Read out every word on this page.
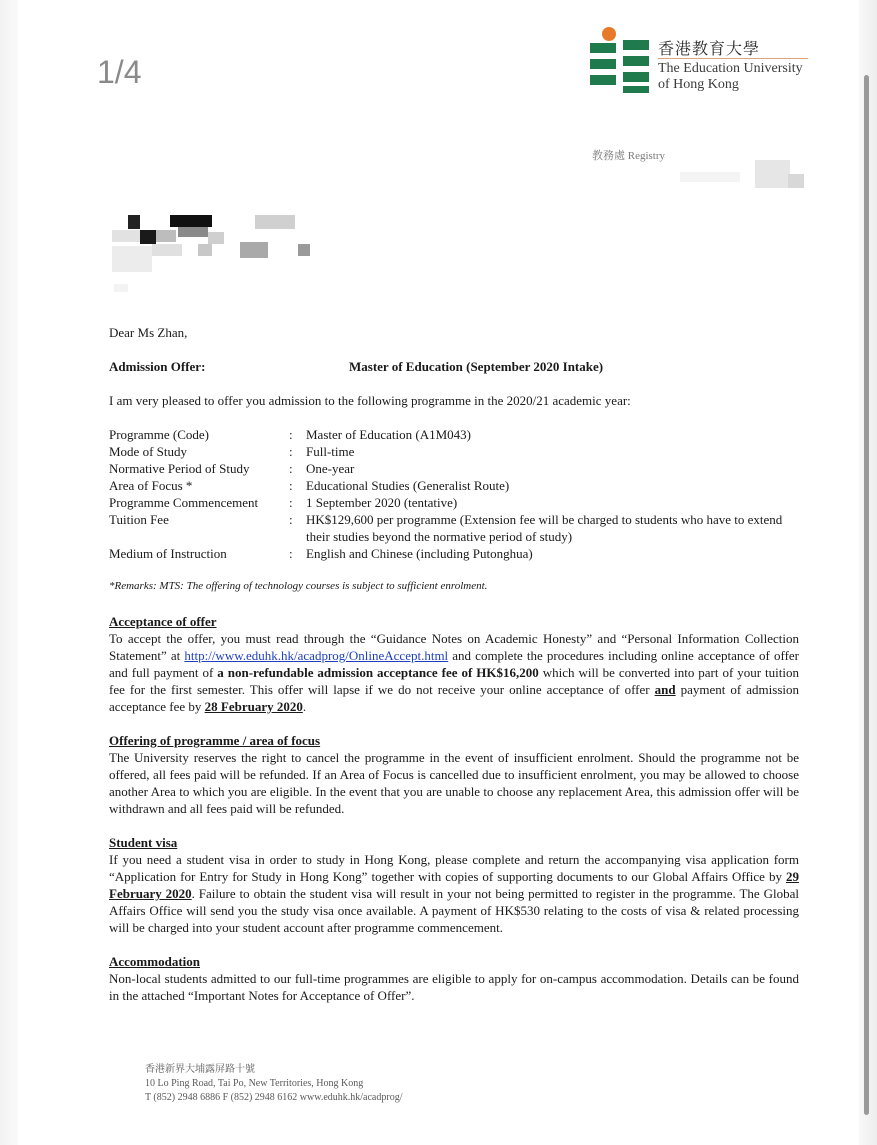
1/4
香港教育大學
The Education University
of Hong Kong
教務處 Registry
Dear Ms Zhan,
Admission Offer:	Master of Education (September 2020 Intake)
I am very pleased to offer you admission to the following programme in the 2020/21 academic year:
Programme (Code)	: Master of Education (A1M043)
Mode of Study	: Full-time
Normative Period of Study	: One-year
Area of Focus *	: Educational Studies (Generalist Route)
Programme Commencement : 1 September 2020 (tentative)
Tuition Fee	: HK$129,600 per programme (Extension fee will be charged to students who have to extend their studies beyond the normative period of study)
Medium of Instruction	: English and Chinese (including Putonghua)
*Remarks: MTS: The offering of technology courses is subject to sufficient enrolment.
Acceptance of offer
To accept the offer, you must read through the “Guidance Notes on Academic Honesty” and “Personal Information Collection Statement” at http://www.eduhk.hk/acadprog/OnlineAccept.html and complete the procedures including online acceptance of offer and full payment of a non-refundable admission acceptance fee of HK$16,200 which will be converted into part of your tuition fee for the first semester. This offer will lapse if we do not receive your online acceptance of offer and payment of admission acceptance fee by 28 February 2020.
Offering of programme / area of focus
The University reserves the right to cancel the programme in the event of insufficient enrolment. Should the programme not be offered, all fees paid will be refunded. If an Area of Focus is cancelled due to insufficient enrolment, you may be allowed to choose another Area to which you are eligible. In the event that you are unable to choose any replacement Area, this admission offer will be withdrawn and all fees paid will be refunded.
Student visa
If you need a student visa in order to study in Hong Kong, please complete and return the accompanying visa application form “Application for Entry for Study in Hong Kong” together with copies of supporting documents to our Global Affairs Office by 29 February 2020. Failure to obtain the student visa will result in your not being permitted to register in the programme. The Global Affairs Office will send you the study visa once available. A payment of HK$530 relating to the costs of visa & related processing will be charged into your student account after programme commencement.
Accommodation
Non-local students admitted to our full-time programmes are eligible to apply for on-campus accommodation. Details can be found in the attached “Important Notes for Acceptance of Offer”.
香港新界大埔露屏路十號
10 Lo Ping Road, Tai Po, New Territories, Hong Kong
T (852) 2948 6886 F (852) 2948 6162 www.eduhk.hk/acadprog/
